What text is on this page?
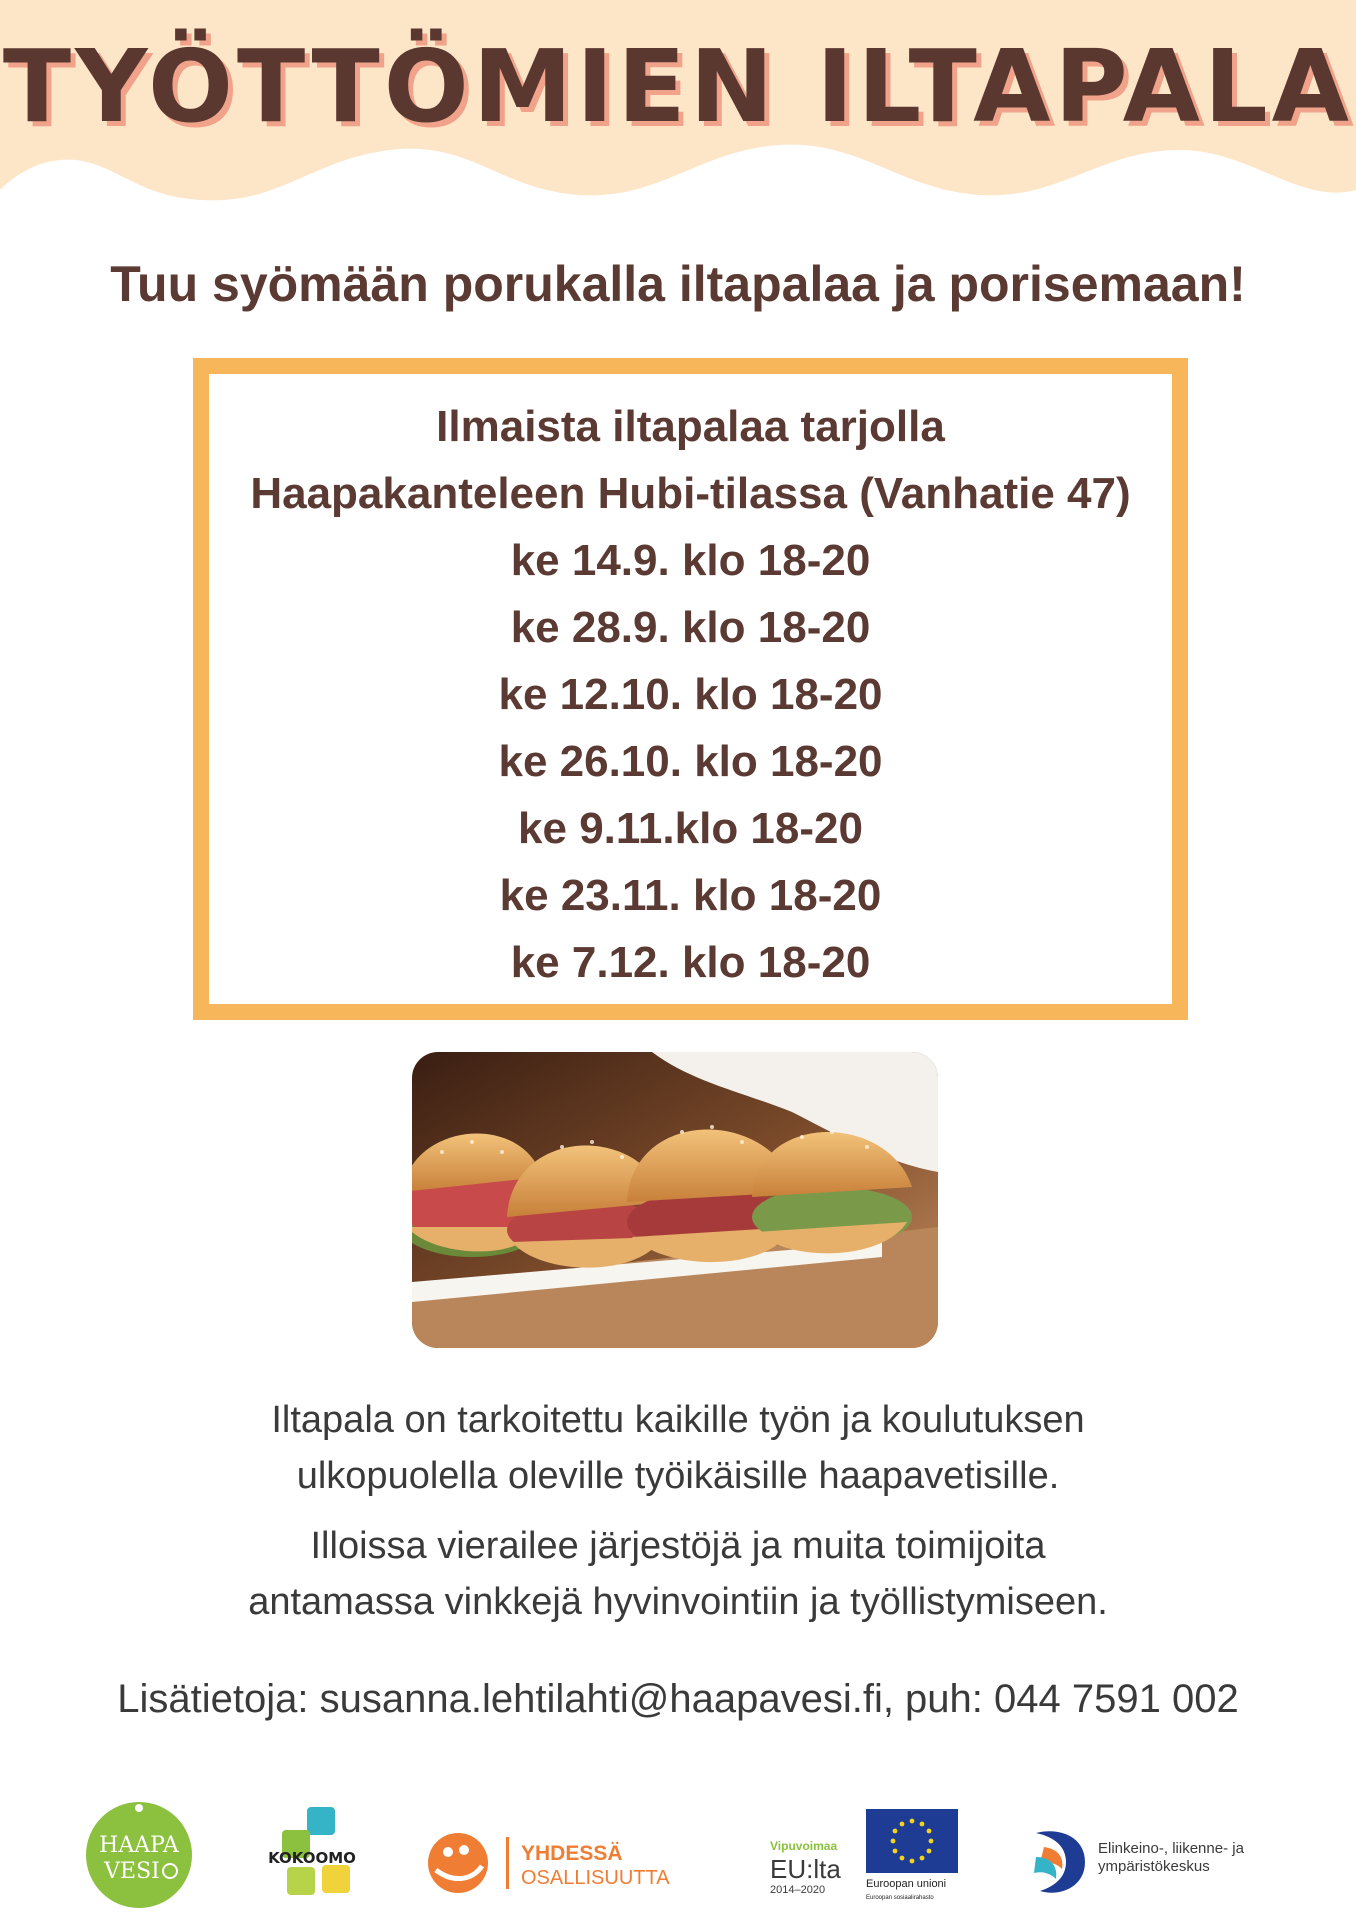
TYÖTTÖMIEN ILTAPALA
Tuu syömään porukalla iltapalaa ja porisemaan!
Ilmaista iltapalaa tarjolla
Haapakanteleen Hubi-tilassa (Vanhatie 47)
ke 14.9. klo 18-20
ke 28.9. klo 18-20
ke 12.10. klo 18-20
ke 26.10. klo 18-20
ke 9.11.klo 18-20
ke 23.11. klo 18-20
ke 7.12. klo 18-20
Iltapala on tarkoitettu kaikille työn ja koulutuksen
ulkopuolella oleville työikäisille haapavetisille.
Illoissa vierailee järjestöjä ja muita toimijoita
antamassa vinkkejä hyvinvointiin ja työllistymiseen.
Lisätietoja: susanna.lehtilahti@haapavesi.fi, puh: 044 7591 002
HAAPA
VESI
KOKOOMO	YHDESSÄ
OSALLISUUTTA
Vipuvoimaa
EU:lta
2014–2020	Euroopan unioni
Euroopan sosiaalirahasto
Elinkeino-, liikenne- ja
ympäristökeskus
